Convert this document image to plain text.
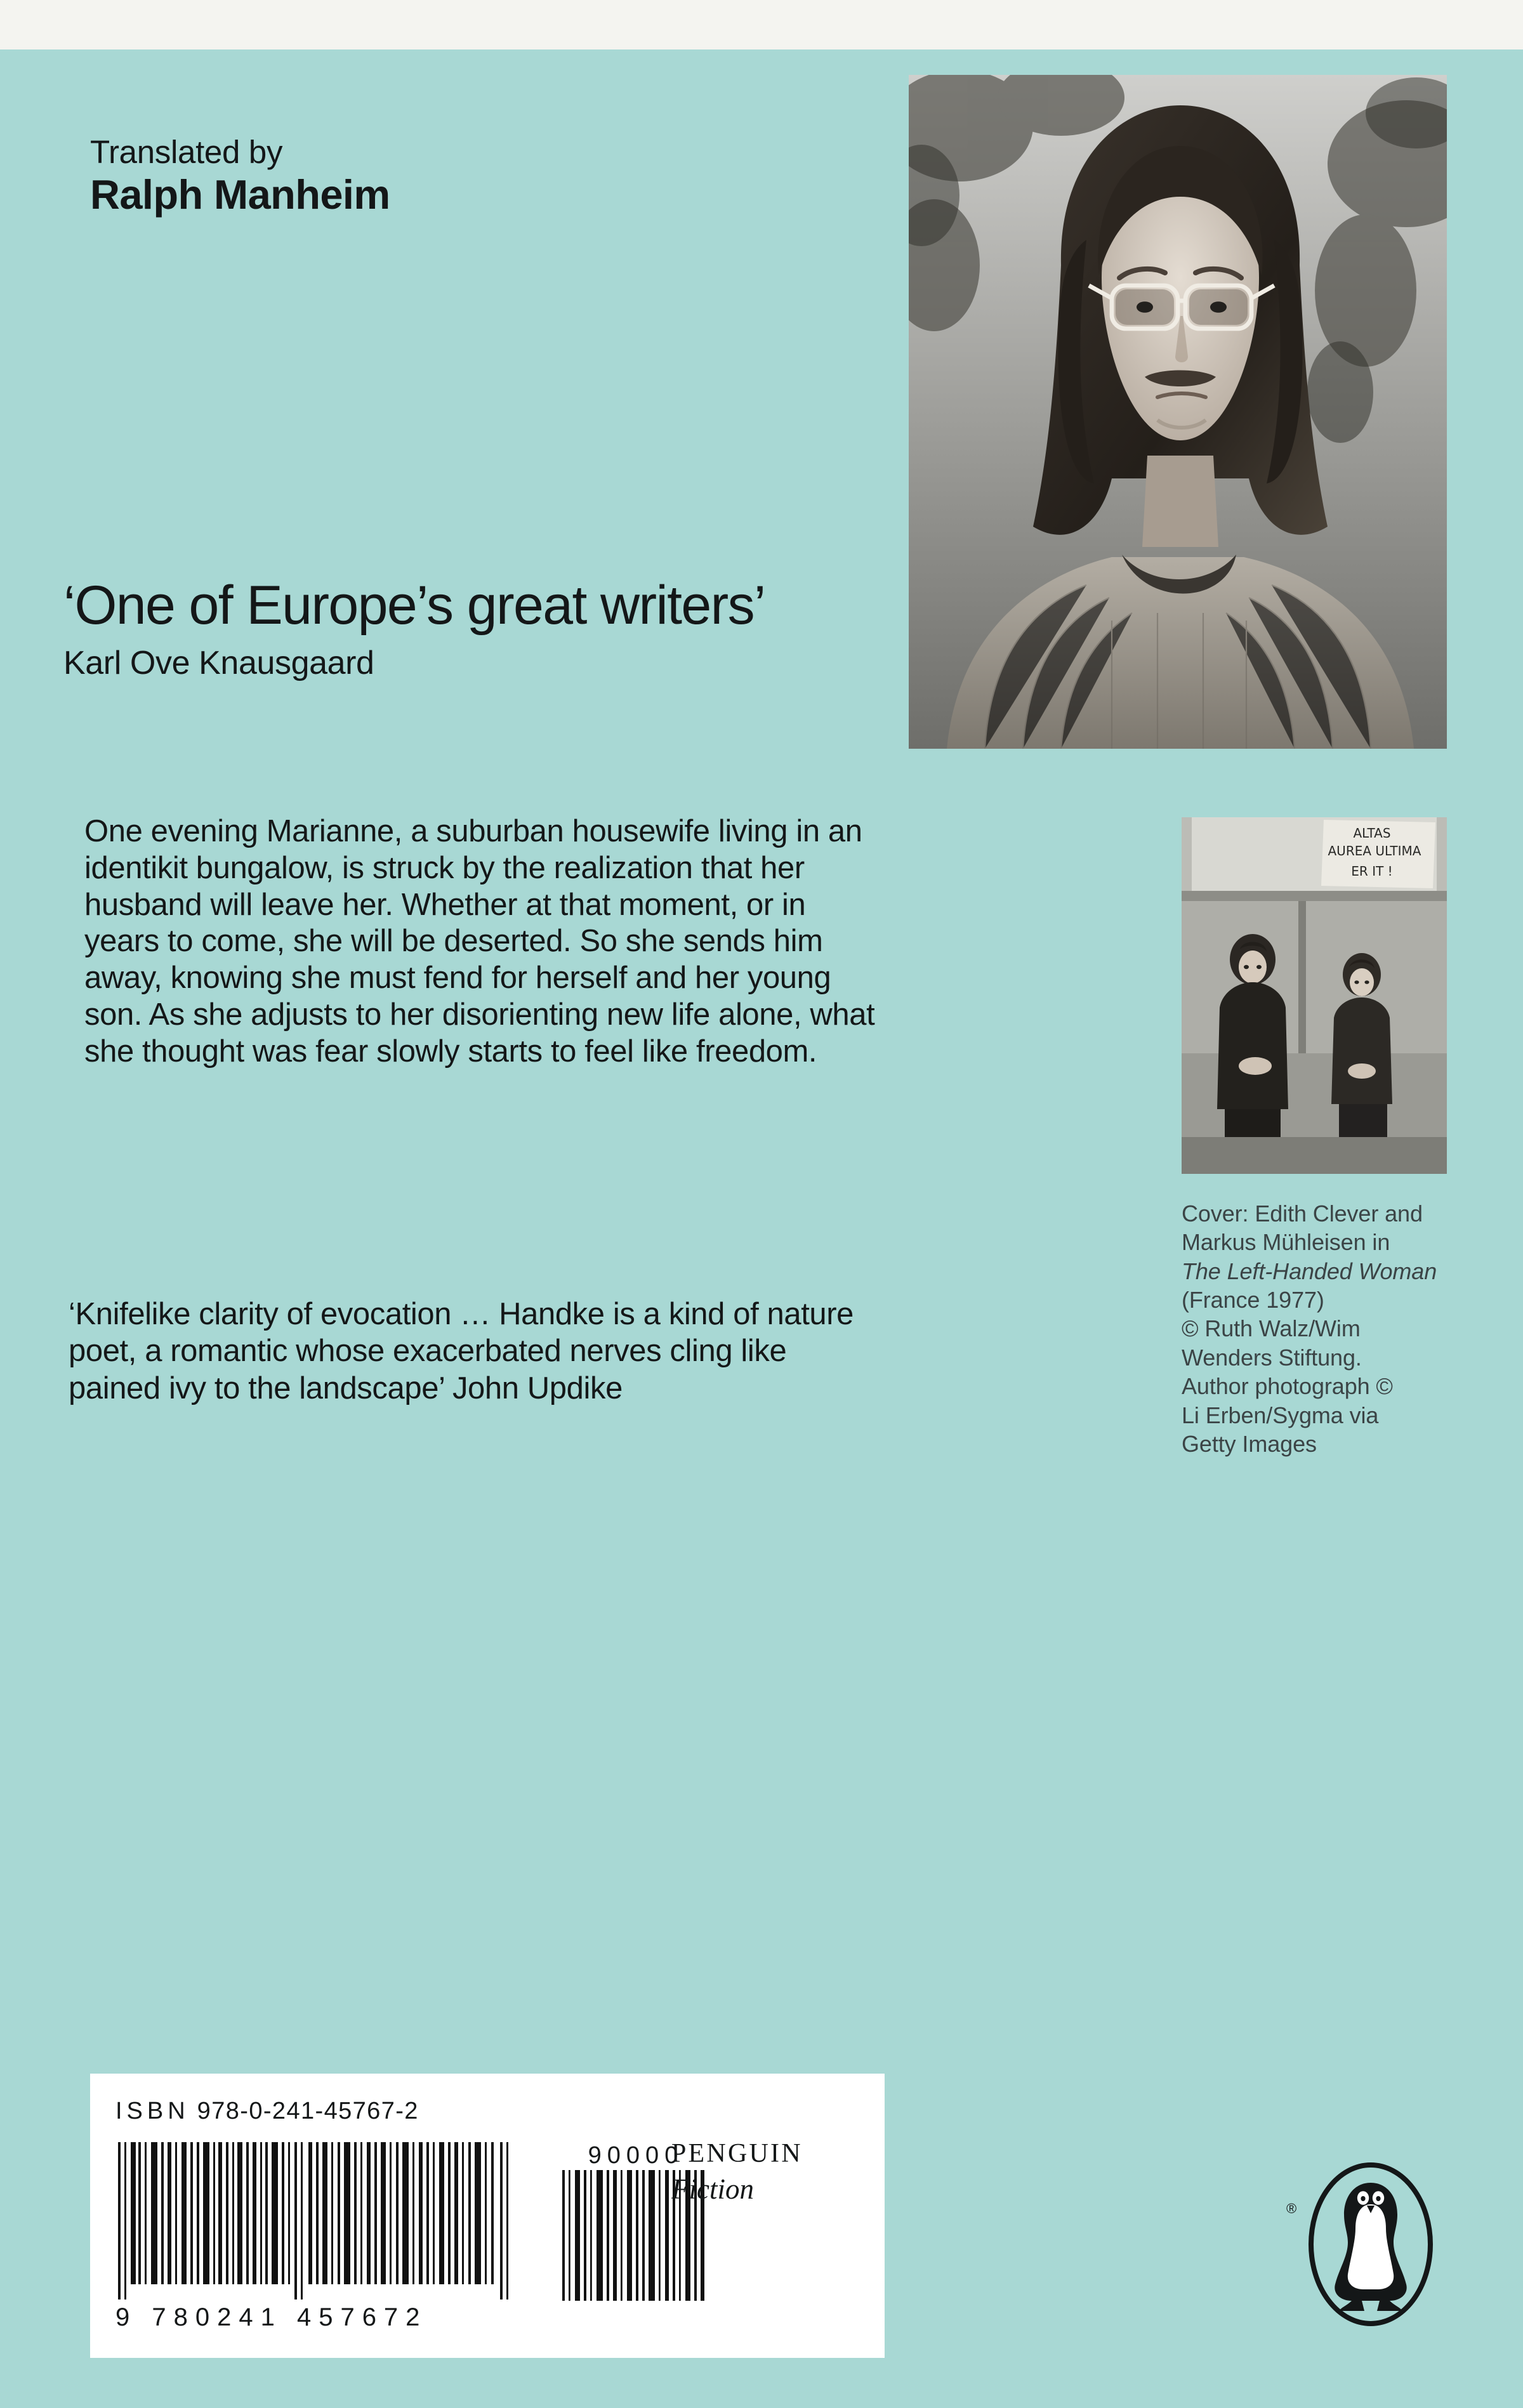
Translated by
Ralph Manheim
‘One of Europe’s great writers’
Karl Ove Knausgaard

One evening Marianne, a suburban housewife living in an identikit bungalow, is struck by the realization that her husband will leave her. Whether at that moment, or in years to come, she will be deserted. So she sends him away, knowing she must fend for herself and her young son. As she adjusts to her disorienting new life alone, what she thought was fear slowly starts to feel like freedom.

‘Knifelike clarity of evocation … Handke is a kind of nature poet, a romantic whose exacerbated nerves cling like pained ivy to the landscape’ John Updike
ALTAS
AUREA ULTIMA
ER IT !
Cover: Edith Clever and
Markus Mühleisen in
The Left-Handed Woman (France 1977)
© Ruth Walz/Wim
Wenders Stiftung.
Author photograph ©
Li Erben/Sygma via
Getty Images
ISBN 978-0-241-45767-2
90000
9 780241 457672
PENGUIN
Fiction
®
